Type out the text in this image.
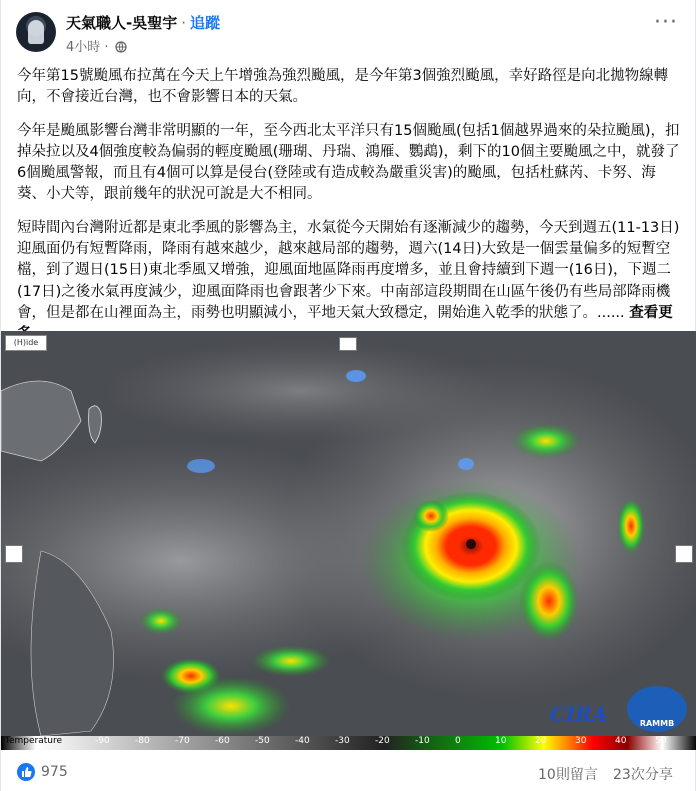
天氣職人-吳聖宇 · 追蹤
4小時 ·
···

今年第15號颱風布拉萬在今天上午增強為強烈颱風，是今年第3個強烈颱風，幸好路徑是向北拋物線轉向，不會接近台灣，也不會影響日本的天氣。

今年是颱風影響台灣非常明顯的一年，至今西北太平洋只有15個颱風(包括1個越界過來的朵拉颱風)，扣掉朵拉以及4個強度較為偏弱的輕度颱風(珊瑚、丹瑞、鴻雁、鸚鵡)，剩下的10個主要颱風之中，就發了6個颱風警報，而且有4個可以算是侵台(登陸或有造成較為嚴重災害)的颱風，包括杜蘇芮、卡努、海葵、小犬等，跟前幾年的狀況可說是大不相同。

短時間內台灣附近都是東北季風的影響為主，水氣從今天開始有逐漸減少的趨勢，今天到週五(11-13日)迎風面仍有短暫降雨，降雨有越來越少，越來越局部的趨勢，週六(14日)大致是一個雲量偏多的短暫空檔，到了週日(15日)東北季風又增強，迎風面地區降雨再度增多，並且會持續到下週一(16日)，下週二(17日)之後水氣再度減少，迎風面降雨也會跟著少下來。中南部這段期間在山區午後仍有些局部降雨機會，但是都在山裡面為主，雨勢也明顯減小，平地天氣大致穩定，開始進入乾季的狀態了。...... 查看更

(H)ide
CIRA	RAMMB
Temperature	-90	-80	-70	-60	-50	-40	-30	-20	-10	0	10	20	30	40	50
975	10則留言 23次分享
